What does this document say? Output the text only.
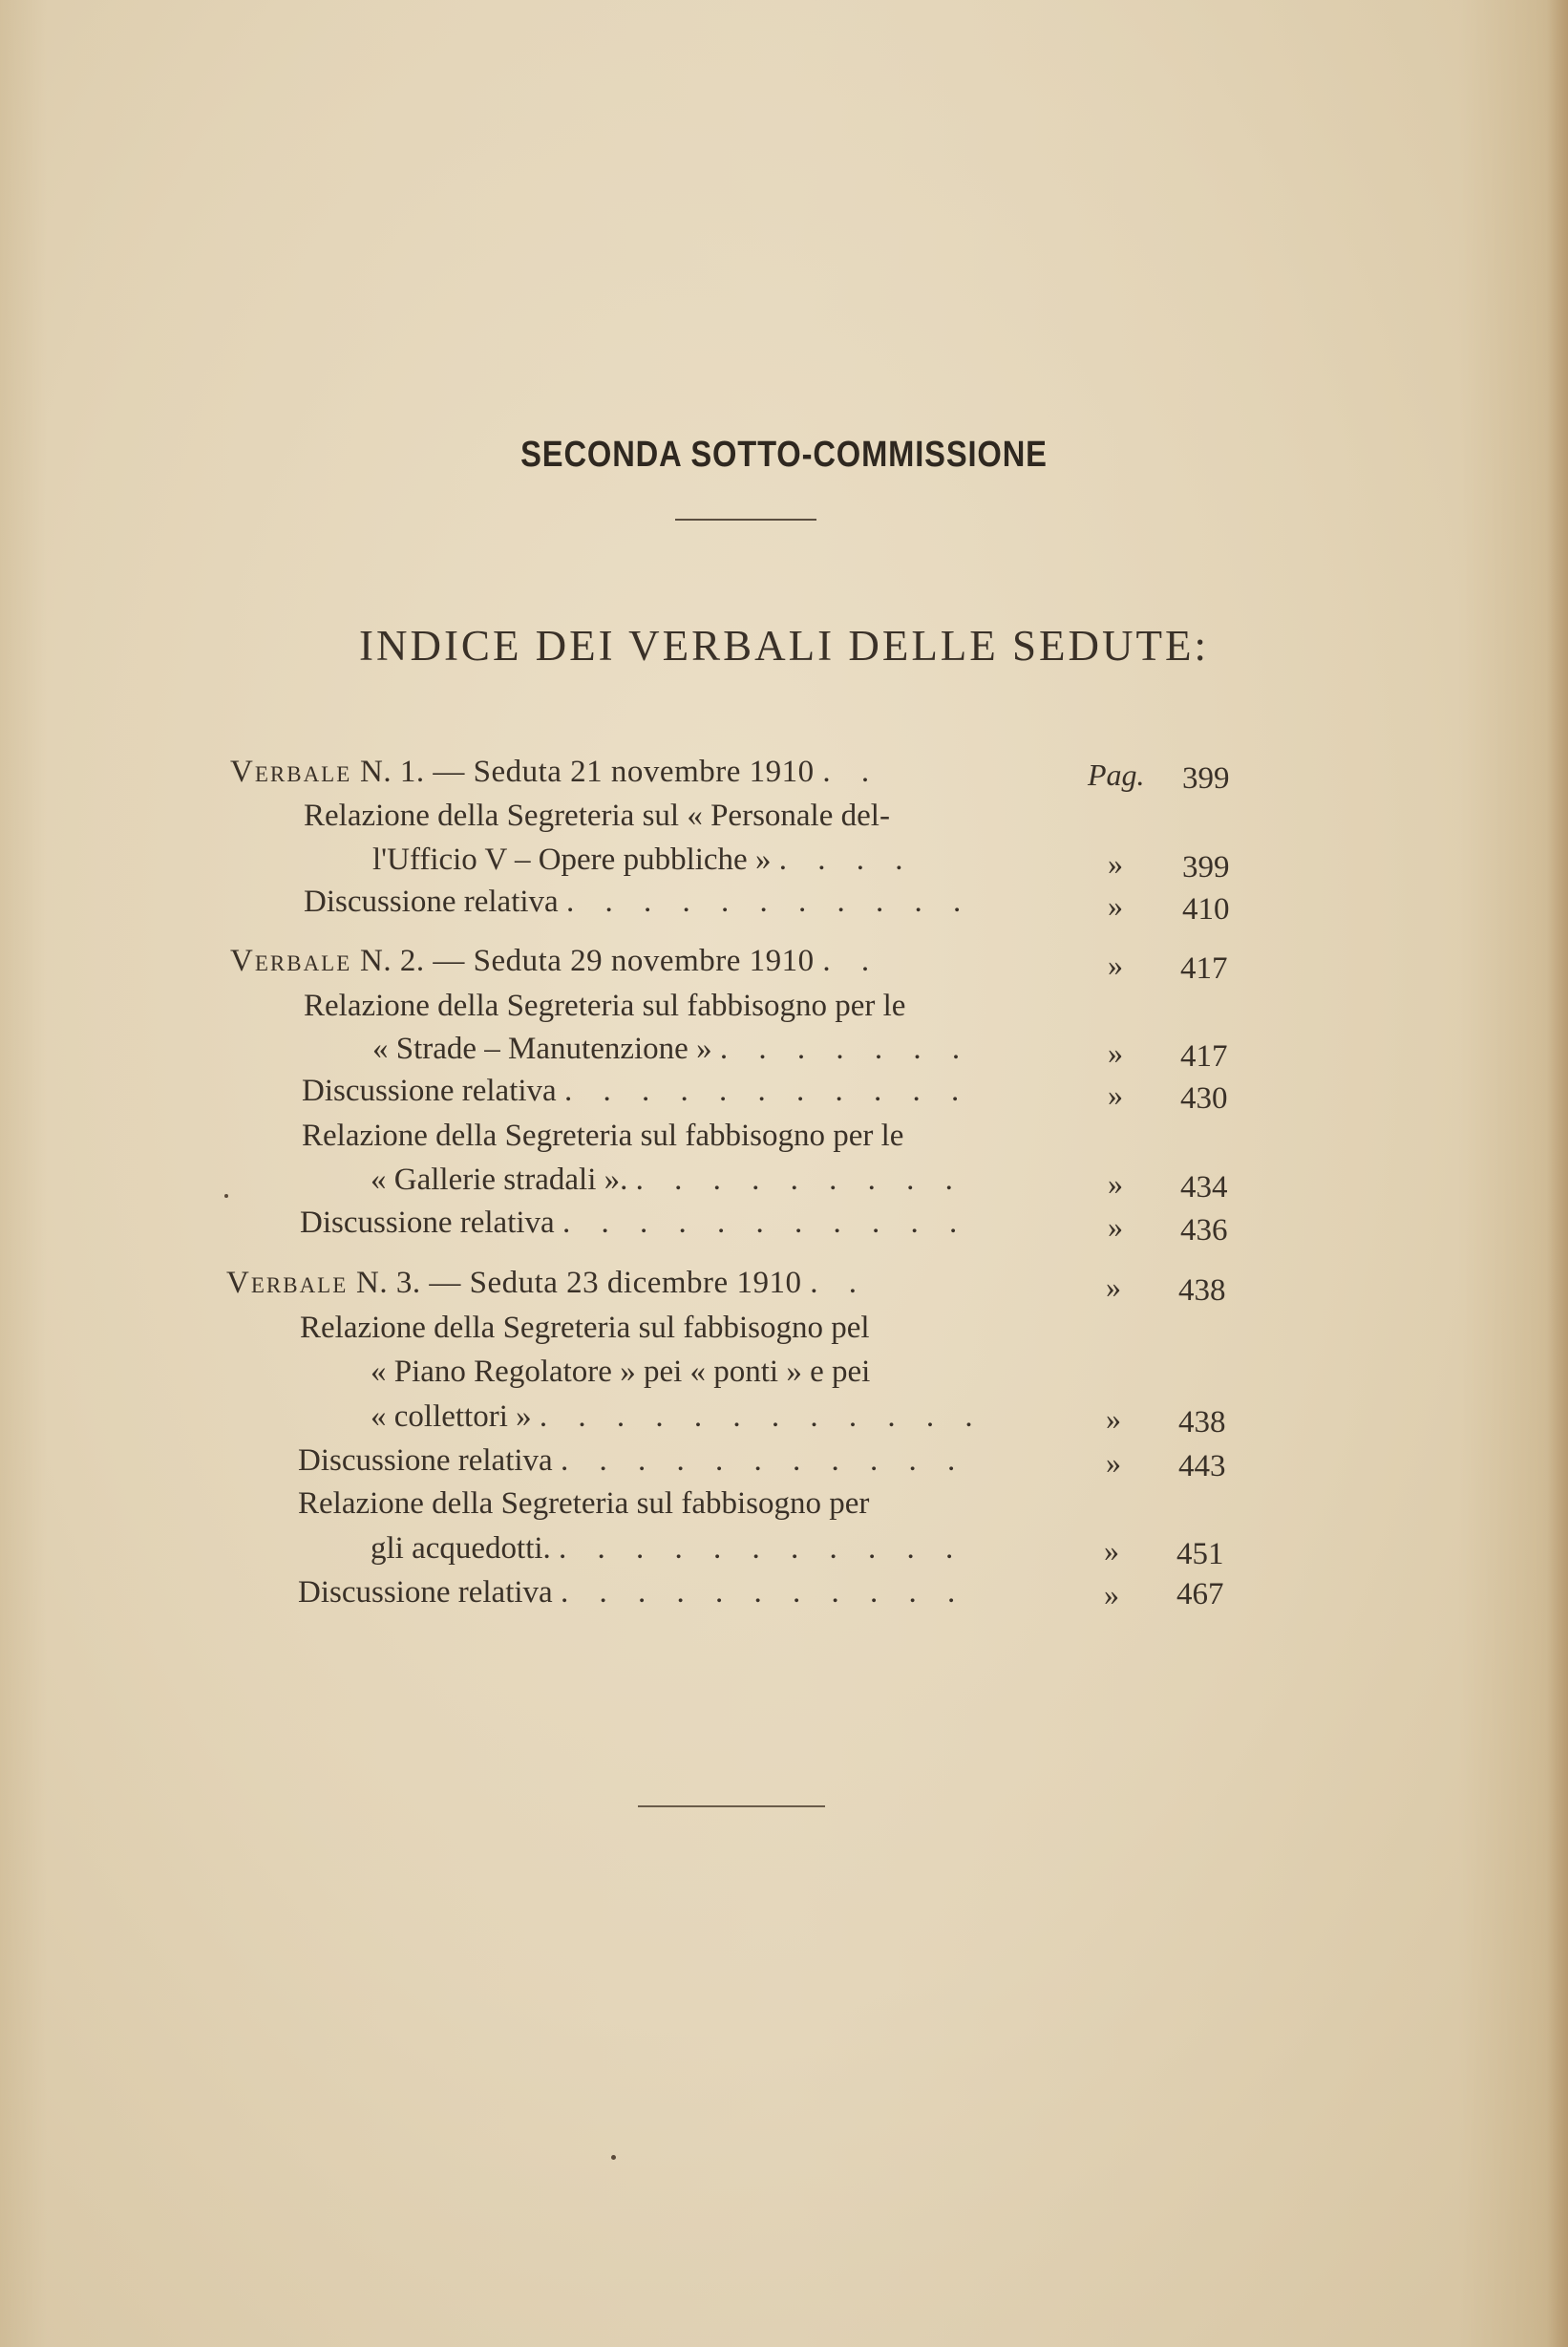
SECONDA SOTTO-COMMISSIONE
INDICE DEI VERBALI DELLE SEDUTE:
Verbale N. 1. — Seduta 21 novembre 1910 . .	Pag. 399
Relazione della Segreteria sul « Personale del-
l'Ufficio V – Opere pubbliche » . . . .	» 399
Discussione relativa . . . . . . . . . . .	» 410
Verbale N. 2. — Seduta 29 novembre 1910 . .	» 417
Relazione della Segreteria sul fabbisogno per le
« Strade – Manutenzione » . . . . . . .	» 417
Discussione relativa . . . . . . . . . . .	» 430
Relazione della Segreteria sul fabbisogno per le
« Gallerie stradali ». . . . . . . . . .	» 434
Discussione relativa . . . . . . . . . . .	» 436
Verbale N. 3. — Seduta 23 dicembre 1910 . .	» 438
Relazione della Segreteria sul fabbisogno pel
« Piano Regolatore » pei « ponti » e pei
« collettori » . . . . . . . . . . . .	» 438
Discussione relativa . . . . . . . . . . .	» 443
Relazione della Segreteria sul fabbisogno per
gli acquedotti. . . . . . . . . . . .	» 451
Discussione relativa . . . . . . . . . . .	» 467
